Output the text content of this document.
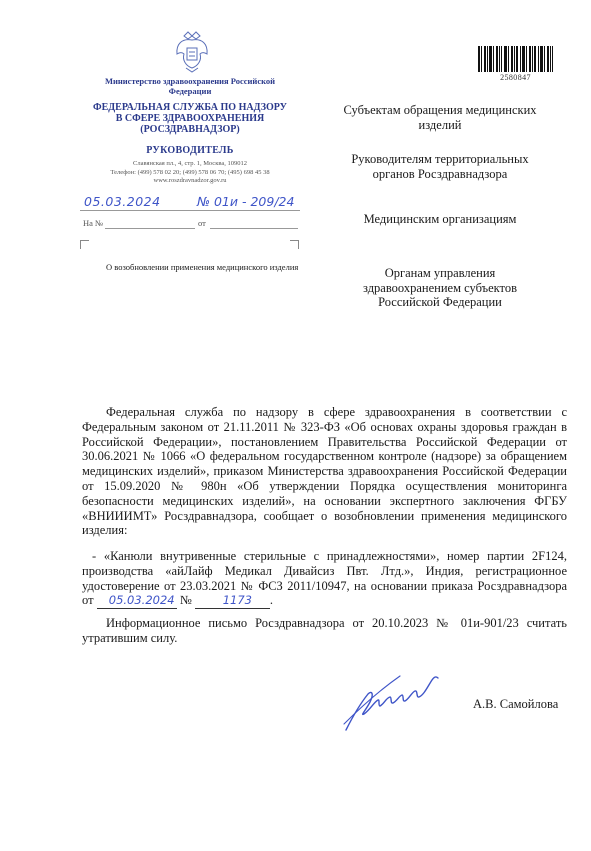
Министерство здравоохранения Российской Федерации
ФЕДЕРАЛЬНАЯ СЛУЖБА ПО НАДЗОРУ
В СФЕРЕ ЗДРАВООХРАНЕНИЯ
(РОСЗДРАВНАДЗОР)
РУКОВОДИТЕЛЬ
Славянская пл., 4, стр. 1, Москва, 109012
Телефон: (499) 578 02 20; (499) 578 06 70; (495) 698 45 38
www.roszdravnadzor.gov.ru
05.03.2024	№ 01и - 209/24
На №	от
О возобновлении применения медицинского изделия
2580847
Субъектам обращения медицинских изделий
Руководителям территориальных органов Росздравнадзора
Медицинским организациям
Органам управления здравоохранением субъектов Российской Федерации
Федеральная служба по надзору в сфере здравоохранения в соответствии с Федеральным законом от 21.11.2011 № 323-ФЗ «Об основах охраны здоровья граждан в Российской Федерации», постановлением Правительства Российской Федерации от 30.06.2021 № 1066 «О федеральном государственном контроле (надзоре) за обращением медицинских изделий», приказом Министерства здравоохранения Российской Федерации от 15.09.2020 № 980н «Об утверждении Порядка осуществления мониторинга безопасности медицинских изделий», на основании экспертного заключения ФГБУ «ВНИИИМТ» Росздравнадзора, сообщает о возобновлении применения медицинского изделия:
- «Канюли внутривенные стерильные с принадлежностями», номер партии 2F124, производства «айЛайф Медикал Дивайсиз Пвт. Лтд.», Индия, регистрационное удостоверение от 23.03.2021 № ФСЗ 2011/10947, на основании приказа Росздравнадзора от 05.03.2024 №	1173 .
Информационное письмо Росздравнадзора от 20.10.2023 № 01и-901/23 считать утратившим силу.
А.В. Самойлова
